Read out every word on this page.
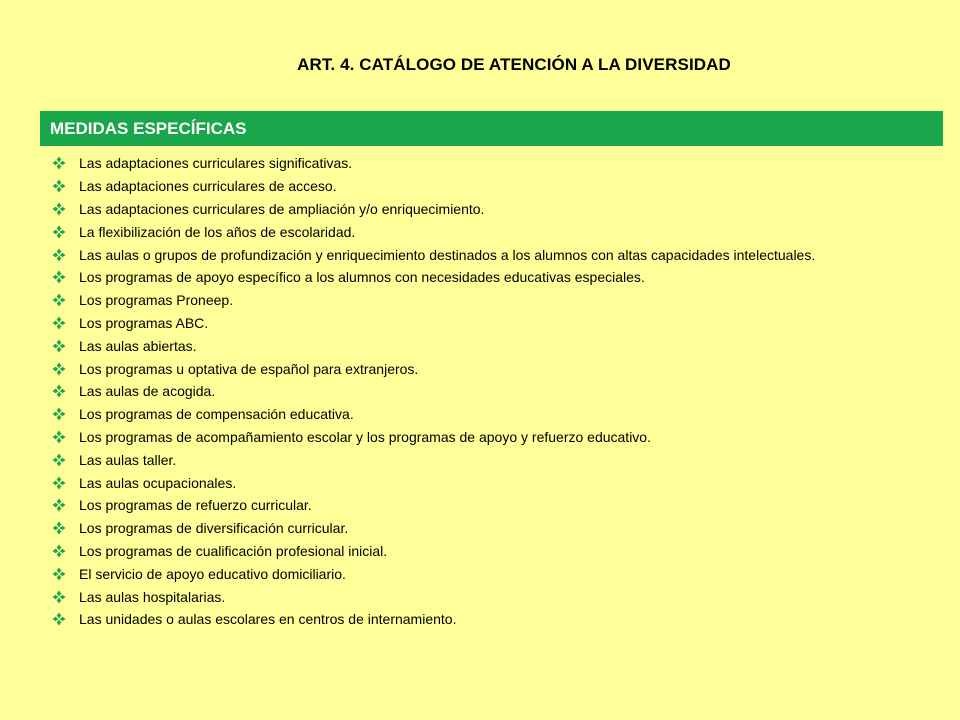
ART. 4. CATÁLOGO DE ATENCIÓN A LA DIVERSIDAD
MEDIDAS ESPECÍFICAS
Las adaptaciones curriculares significativas.
Las adaptaciones curriculares de acceso.
Las adaptaciones curriculares de ampliación y/o enriquecimiento.
La flexibilización de los años de escolaridad.
Las aulas o grupos de profundización y enriquecimiento destinados a los alumnos con altas capacidades intelectuales.
Los programas de apoyo específico a los alumnos con necesidades educativas especiales.
Los programas Proneep.
Los programas ABC.
Las aulas abiertas.
Los programas u optativa de español para extranjeros.
Las aulas de acogida.
Los programas de compensación educativa.
Los programas de acompañamiento escolar y los programas de apoyo y refuerzo educativo.
Las aulas taller.
Las aulas ocupacionales.
Los programas de refuerzo curricular.
Los programas de diversificación curricular.
Los programas de cualificación profesional inicial.
El servicio de apoyo educativo domiciliario.
Las aulas hospitalarias.
Las unidades o aulas escolares en centros de internamiento.
